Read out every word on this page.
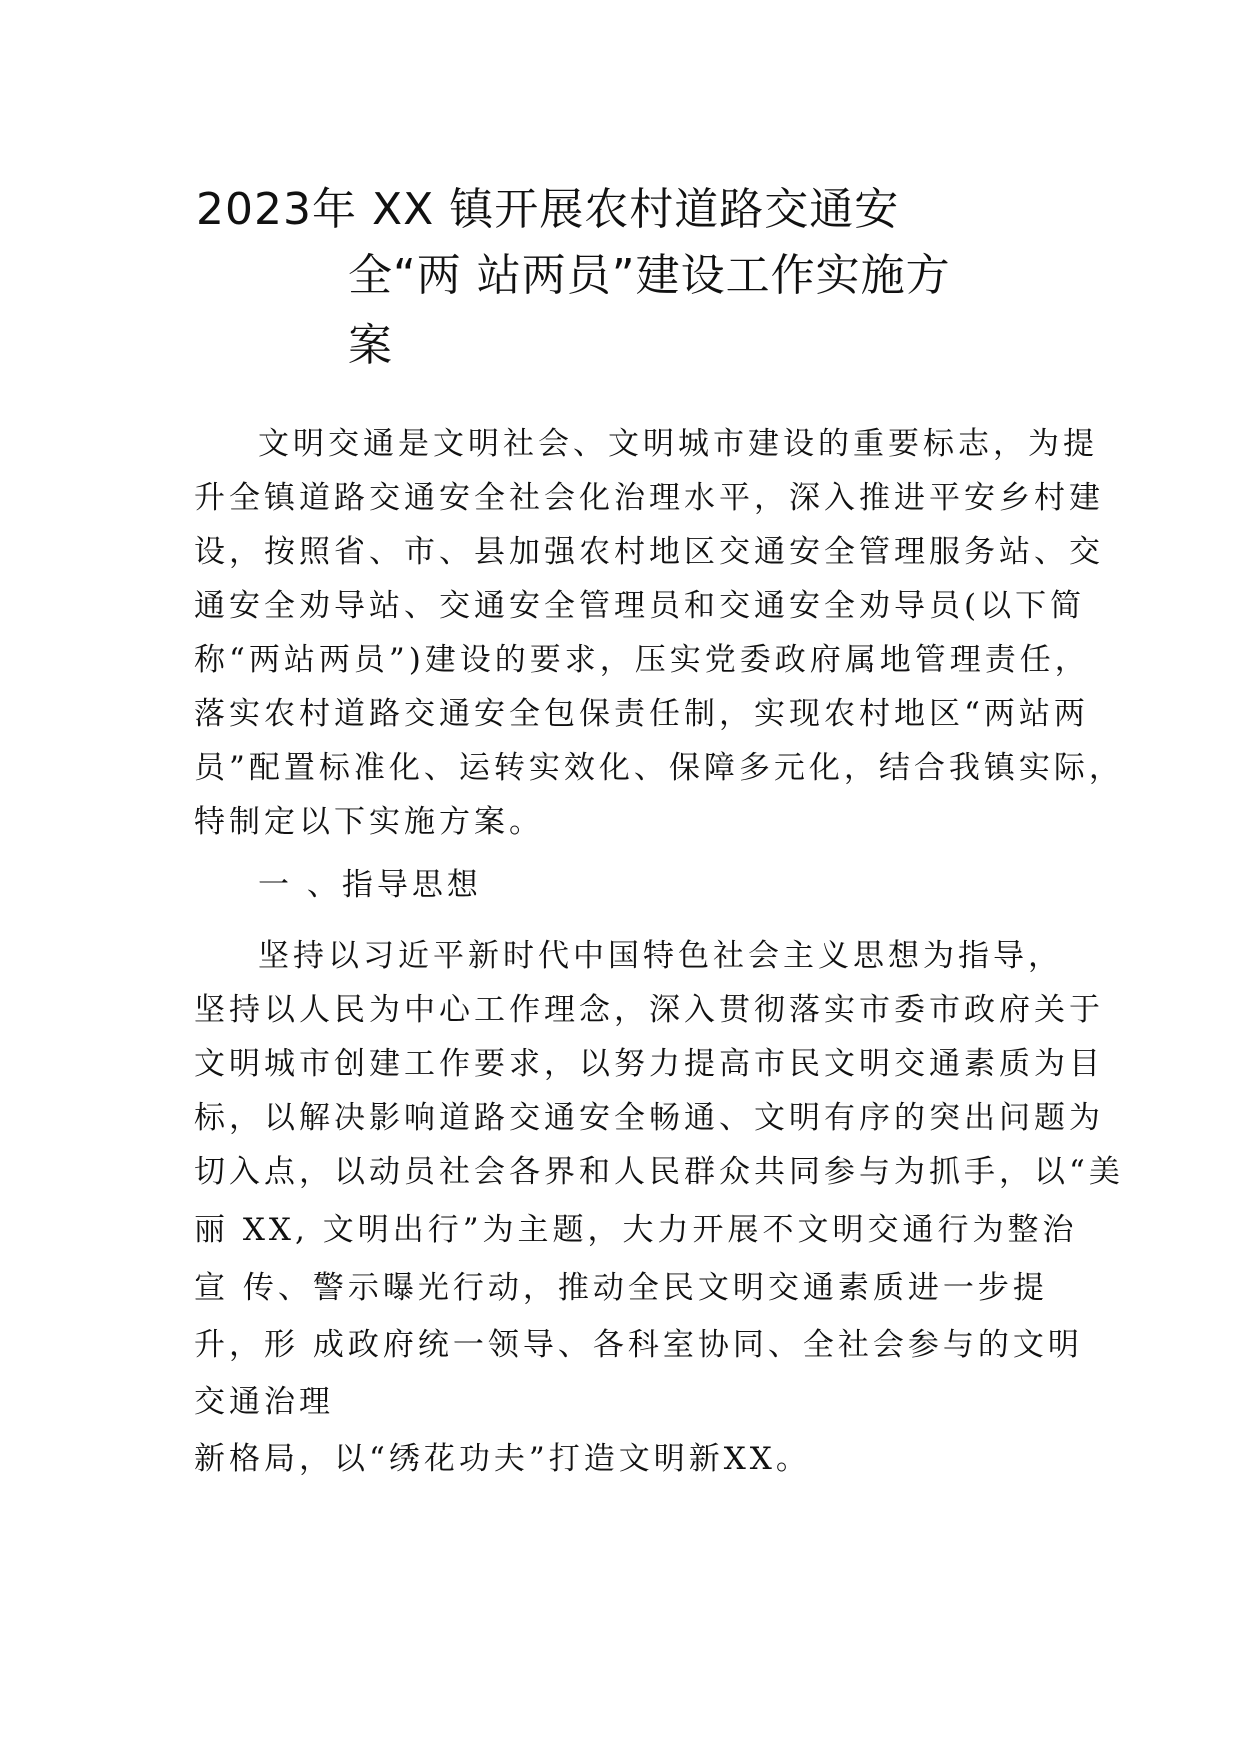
2023年 XX 镇开展农村道路交通安
全“两 站两员”建设工作实施方
案
文明交通是文明社会、文明城市建设的重要标志，为提
升全镇道路交通安全社会化治理水平，深入推进平安乡村建
设，按照省、市、县加强农村地区交通安全管理服务站、交
通安全劝导站、交通安全管理员和交通安全劝导员(以下简
称“两站两员”)建设的要求，压实党委政府属地管理责任，
落实农村道路交通安全包保责任制，实现农村地区“两站两
员”配置标准化、运转实效化、保障多元化，结合我镇实际，
特制定以下实施方案。
一 、指导思想
坚持以习近平新时代中国特色社会主义思想为指导，
坚持以人民为中心工作理念，深入贯彻落实市委市政府关于
文明城市创建工作要求，以努力提高市民文明交通素质为目
标，以解决影响道路交通安全畅通、文明有序的突出问题为
切入点，以动员社会各界和人民群众共同参与为抓手，以“美
丽 XX, 文明出行”为主题，大力开展不文明交通行为整治
宣 传、警示曝光行动，推动全民文明交通素质进一步提
升，形 成政府统一领导、各科室协同、全社会参与的文明
交通治理
新格局，以“绣花功夫”打造文明新XX。
